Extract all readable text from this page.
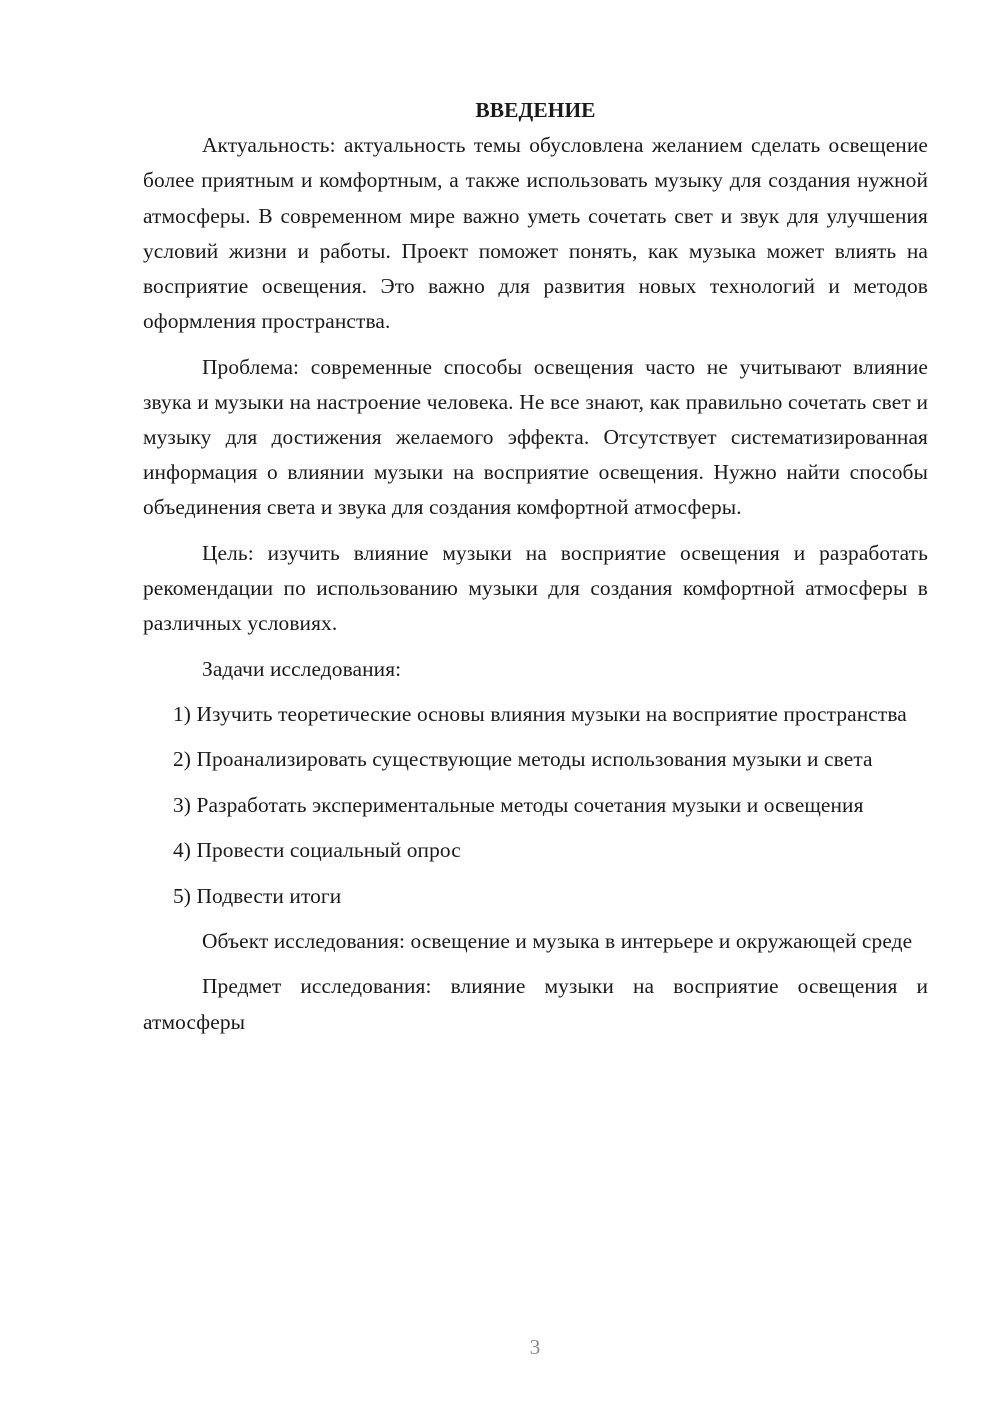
ВВЕДЕНИЕ

Актуальность: актуальность темы обусловлена желанием сделать освещение более приятным и комфортным, а также использовать музыку для создания нужной атмосферы. В современном мире важно уметь сочетать свет и звук для улучшения условий жизни и работы. Проект поможет понять, как музыка может влиять на восприятие освещения. Это важно для развития новых технологий и методов оформления пространства.

Проблема: современные способы освещения часто не учитывают влияние звука и музыки на настроение человека. Не все знают, как правильно сочетать свет и музыку для достижения желаемого эффекта. Отсутствует систематизированная информация о влиянии музыки на восприятие освещения. Нужно найти способы объединения света и звука для создания комфортной атмосферы.

Цель: изучить влияние музыки на восприятие освещения и разработать рекомендации по использованию музыки для создания комфортной атмосферы в различных условиях.

Задачи исследования:

1) Изучить теоретические основы влияния музыки на восприятие пространства

2) Проанализировать существующие методы использования музыки и света

3) Разработать экспериментальные методы сочетания музыки и освещения

4) Провести социальный опрос

5) Подвести итоги

Объект исследования: освещение и музыка в интерьере и окружающей среде

Предмет исследования: влияние музыки на восприятие освещения и атмосферы

3
